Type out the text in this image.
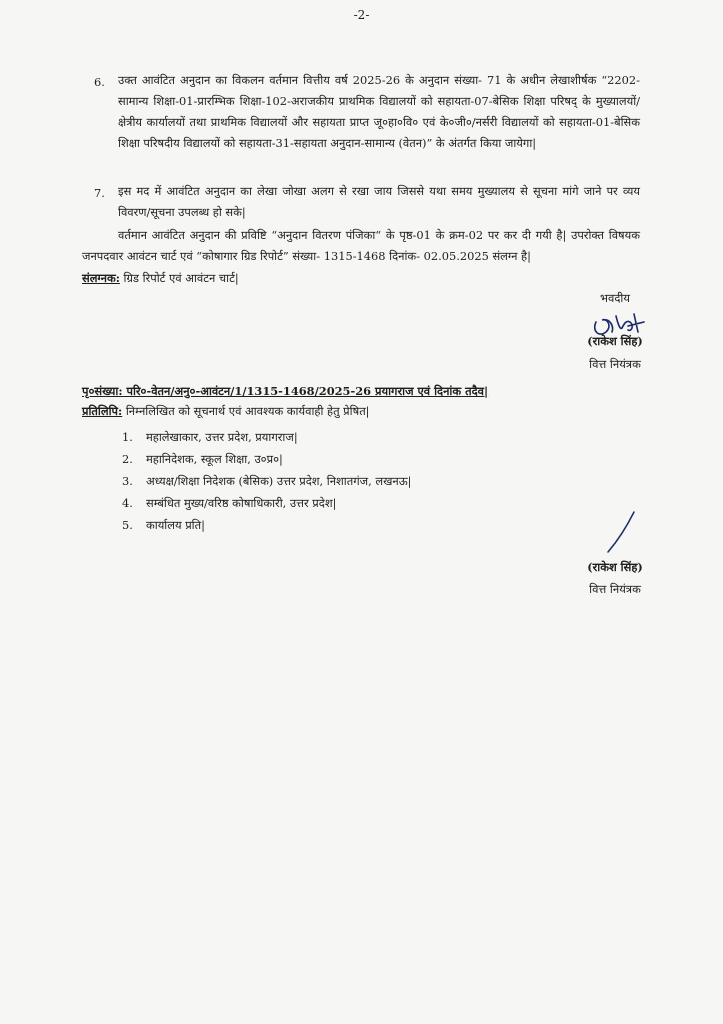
-2-
6. उक्त आवंटित अनुदान का विकलन वर्तमान वित्तीय वर्ष 2025-26 के अनुदान संख्या- 71 के अधीन लेखाशीर्षक “2202-सामान्य शिक्षा-01-प्रारम्भिक शिक्षा-102-अराजकीय प्राथमिक विद्यालयों को सहायता-07-बेसिक शिक्षा परिषद् के मुख्यालयों/क्षेत्रीय कार्यालयों तथा प्राथमिक विद्यालयों और सहायता प्राप्त जू०हा०वि० एवं के०जी०/नर्सरी विद्यालयों को सहायता-01-बेसिक शिक्षा परिषदीय विद्यालयों को सहायता-31-सहायता अनुदान-सामान्य (वेतन)” के अंतर्गत किया जायेगा|
7. इस मद में आवंटित अनुदान का लेखा जोखा अलग से रखा जाय जिससे यथा समय मुख्यालय से सूचना मांगे जाने पर व्यय विवरण/सूचना उपलब्ध हो सके|
वर्तमान आवंटित अनुदान की प्रविष्टि “अनुदान वितरण पंजिका“ के पृष्ठ-01 के क्रम-02 पर कर दी गयी है| उपरोक्त विषयक जनपदवार आवंटन चार्ट एवं “कोषागार ग्रिड रिपोर्ट” संख्या- 1315-1468 दिनांक- 02.05.2025 संलग्न है|
संलग्नक: ग्रिड रिपोर्ट एवं आवंटन चार्ट|
भवदीय
(राकेश सिंह)
वित्त नियंत्रक
पृ०संख्या: परि०-वेतन/अनु०-आवंटन/1/1315-1468/2025-26 प्रयागराज एवं दिनांक तदैव|
प्रतिलिपि: निम्नलिखित को सूचनार्थ एवं आवश्यक कार्यवाही हेतु प्रेषित|
1. महालेखाकार, उत्तर प्रदेश, प्रयागराज|
2. महानिदेशक, स्कूल शिक्षा, उ०प्र०|
3. अध्यक्ष/शिक्षा निदेशक (बेसिक) उत्तर प्रदेश, निशातगंज, लखनऊ|
4. सम्बंधित मुख्य/वरिष्ठ कोषाधिकारी, उत्तर प्रदेश|
5. कार्यालय प्रति|
(राकेश सिंह)
वित्त नियंत्रक
